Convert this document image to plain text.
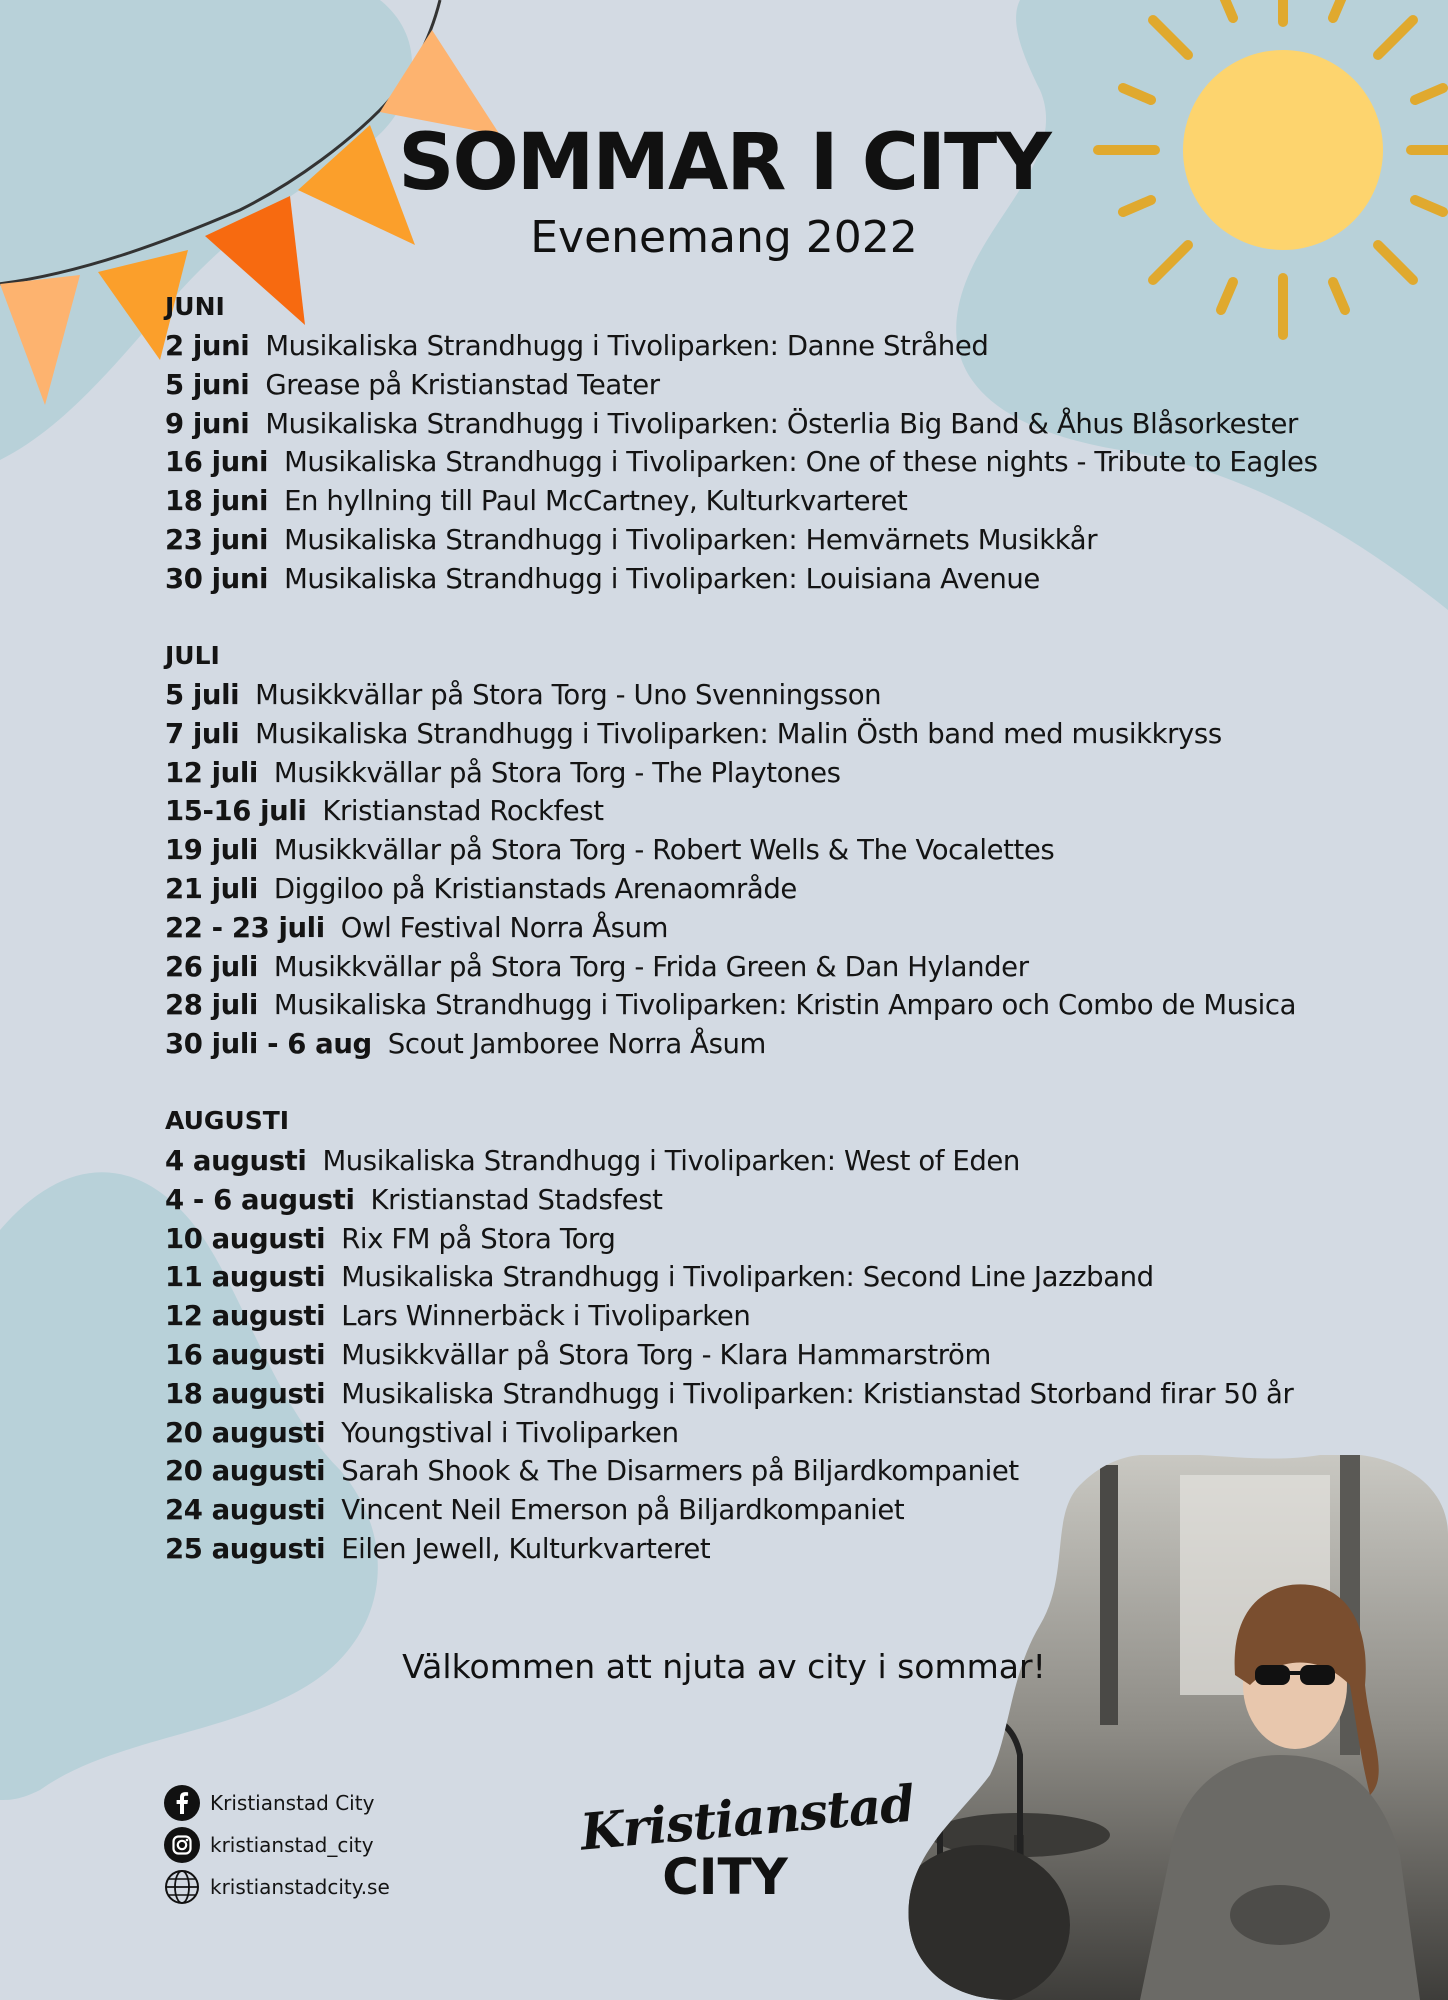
SOMMAR I CITY
Evenemang 2022
JUNI
2 juni Musikaliska Strandhugg i Tivoliparken: Danne Stråhed
5 juni Grease på Kristianstad Teater
9 juni Musikaliska Strandhugg i Tivoliparken: Österlia Big Band & Åhus Blåsorkester
16 juni Musikaliska Strandhugg i Tivoliparken: One of these nights - Tribute to Eagles
18 juni En hyllning till Paul McCartney, Kulturkvarteret
23 juni Musikaliska Strandhugg i Tivoliparken: Hemvärnets Musikkår
30 juni Musikaliska Strandhugg i Tivoliparken: Louisiana Avenue
JULI
5 juli Musikkvällar på Stora Torg - Uno Svenningsson
7 juli Musikaliska Strandhugg i Tivoliparken: Malin Östh band med musikkryss
12 juli Musikkvällar på Stora Torg - The Playtones
15-16 juli Kristianstad Rockfest
19 juli Musikkvällar på Stora Torg - Robert Wells & The Vocalettes
21 juli Diggiloo på Kristianstads Arenaområde
22 - 23 juli Owl Festival Norra Åsum
26 juli Musikkvällar på Stora Torg - Frida Green & Dan Hylander
28 juli Musikaliska Strandhugg i Tivoliparken: Kristin Amparo och Combo de Musica
30 juli - 6 aug Scout Jamboree Norra Åsum
AUGUSTI
4 augusti Musikaliska Strandhugg i Tivoliparken: West of Eden
4 - 6 augusti Kristianstad Stadsfest
10 augusti Rix FM på Stora Torg
11 augusti Musikaliska Strandhugg i Tivoliparken: Second Line Jazzband
12 augusti Lars Winnerbäck i Tivoliparken
16 augusti Musikkvällar på Stora Torg - Klara Hammarström
18 augusti Musikaliska Strandhugg i Tivoliparken: Kristianstad Storband firar 50 år
20 augusti Youngstival i Tivoliparken
20 augusti Sarah Shook & The Disarmers på Biljardkompaniet
24 augusti Vincent Neil Emerson på Biljardkompaniet
25 augusti Eilen Jewell, Kulturkvarteret
Välkommen att njuta av city i sommar!
Kristianstad City
kristianstad_city
kristianstadcity.se
Kristianstad
CITY
